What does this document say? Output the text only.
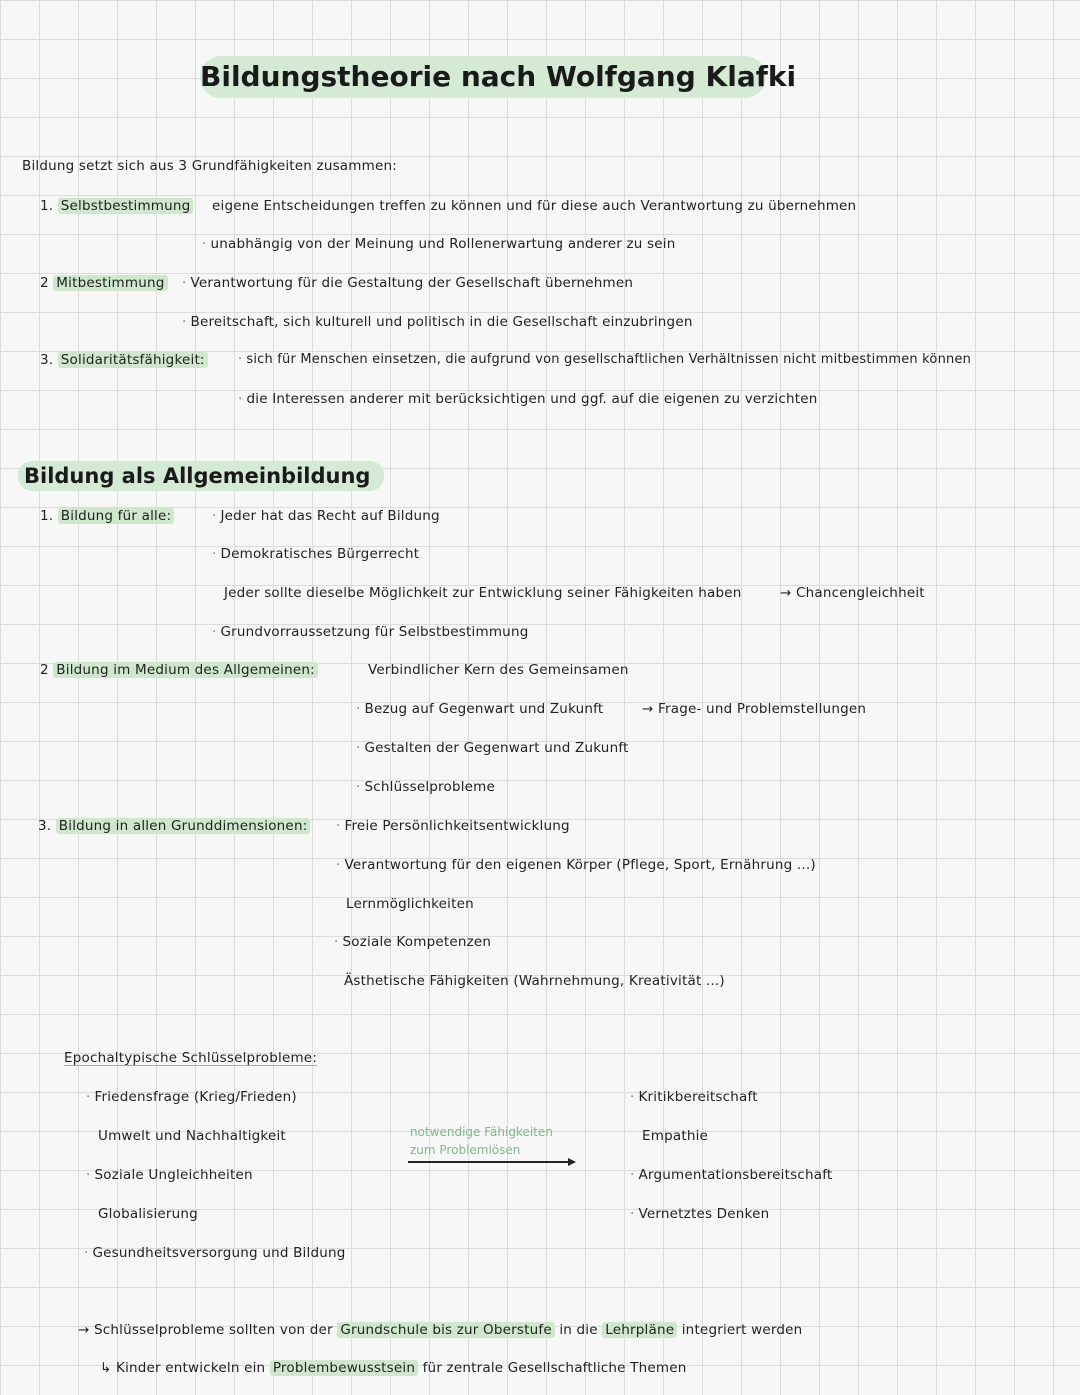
Bildungstheorie nach Wolfgang Klafki
Bildung setzt sich aus 3 Grundfähigkeiten zusammen:
1. Selbstbestimmung eigene Entscheidungen treffen zu können und für diese auch Verantwortung zu übernehmen
· unabhängig von der Meinung und Rollenerwartung anderer zu sein
2 Mitbestimmung · Verantwortung für die Gestaltung der Gesellschaft übernehmen
· Bereitschaft, sich kulturell und politisch in die Gesellschaft einzubringen
3. Solidaritätsfähigkeit:	· sich für Menschen einsetzen, die aufgrund von gesellschaftlichen Verhältnissen nicht mitbestimmen können
· die Interessen anderer mit berücksichtigen und ggf. auf die eigenen zu verzichten
Bildung als Allgemeinbildung
1. Bildung für alle:	· Jeder hat das Recht auf Bildung
· Demokratisches Bürgerrecht
Jeder sollte dieselbe Möglichkeit zur Entwicklung seiner Fähigkeiten haben	→ Chancengleichheit
· Grundvorraussetzung für Selbstbestimmung
2 Bildung im Medium des Allgemeinen:	Verbindlicher Kern des Gemeinsamen
· Bezug auf Gegenwart und Zukunft	→ Frage- und Problemstellungen
· Gestalten der Gegenwart und Zukunft
· Schlüsselprobleme
3. Bildung in allen Grunddimensionen: · Freie Persönlichkeitsentwicklung
· Verantwortung für den eigenen Körper (Pflege, Sport, Ernährung ...)
Lernmöglichkeiten
· Soziale Kompetenzen
Ästhetische Fähigkeiten (Wahrnehmung, Kreativität ...)
Epochaltypische Schlüsselprobleme:
· Friedensfrage (Krieg/Frieden)
Umwelt und Nachhaltigkeit
· Soziale Ungleichheiten
Globalisierung
· Gesundheitsversorgung und Bildung
notwendige Fähigkeiten
zum Problemlösen
· Kritikbereitschaft
Empathie
· Argumentationsbereitschaft
· Vernetztes Denken
→ Schlüsselprobleme sollten von der Grundschule bis zur Oberstufe in die Lehrpläne integriert werden
↳ Kinder entwickeln ein Problembewusstsein für zentrale Gesellschaftliche Themen
